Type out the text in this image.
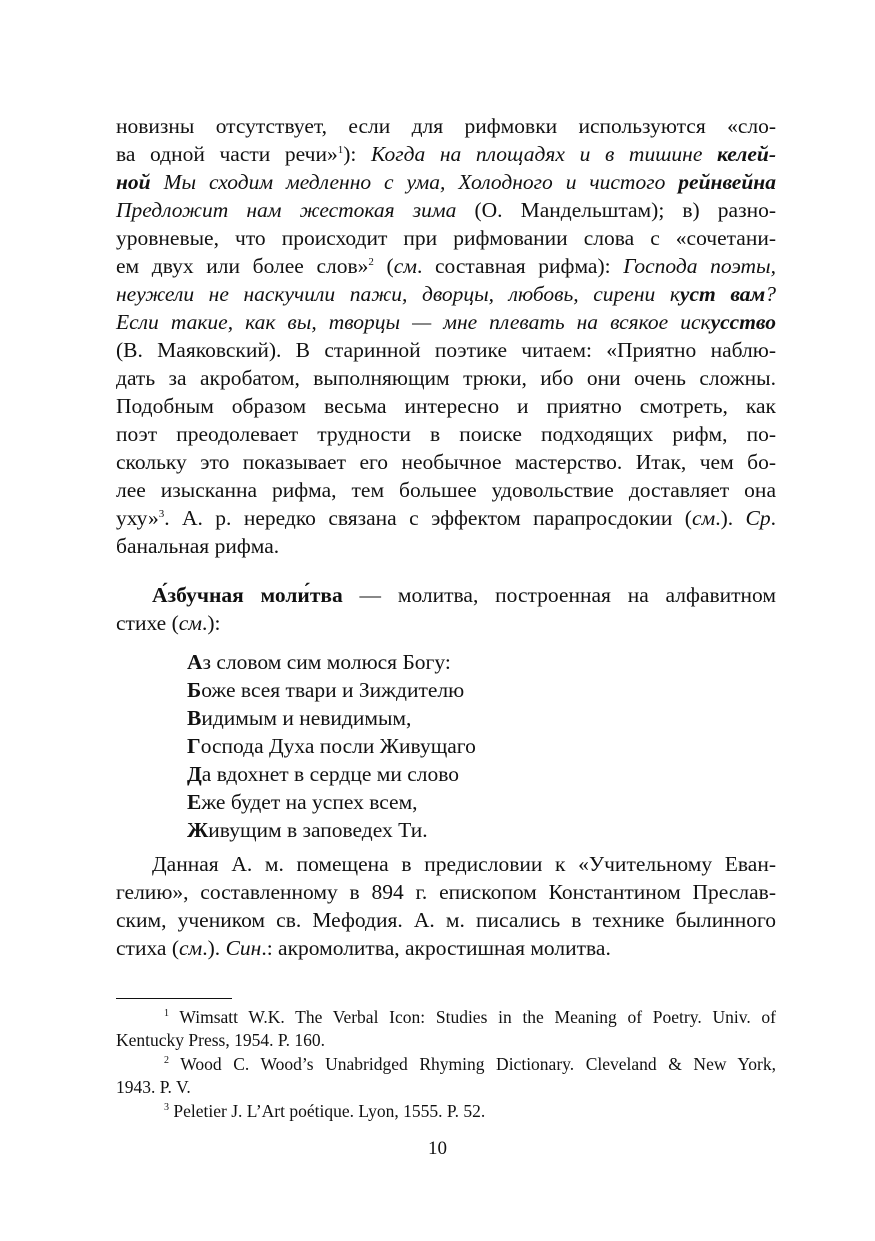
новизны отсутствует, если для рифмовки используются «сло-
ва одной части речи»$^1$): Когда на площадях и в тишине келей-
ной Мы сходим медленно с ума, Холодного и чистого рейнвейна
Предложит нам жестокая зима (О. Мандельштам); в) разно-
уровневые, что происходит при рифмовании слова с «сочетани-
ем двух или более слов»$^2$ (см. составная рифма): Господа поэты,
неужели не наскучили пажи, дворцы, любовь, сирени куст вам?
Если такие, как вы, творцы — мне плевать на всякое искусство
(В. Маяковский). В старинной поэтике читаем: «Приятно наблю-
дать за акробатом, выполняющим трюки, ибо они очень сложны.
Подобным образом весьма интересно и приятно смотреть, как
поэт преодолевает трудности в поиске подходящих рифм, по-
скольку это показывает его необычное мастерство. Итак, чем бо-
лее изысканна рифма, тем большее удовольствие доставляет она
уху»$^3$. А. р. нередко связана с эффектом парапросдокии (см.). Ср.
банальная рифма.
А́збучная моли́тва — молитва, построенная на алфавитном
стихе (см.):
Аз словом сим молюся Богу:
Боже всея твари и Зиждителю
Видимым и невидимым,
Господа Духа посли Живущаго
Да вдохнет в сердце ми слово
Еже будет на успех всем,
Живущим в заповедех Ти.
Данная А. м. помещена в предисловии к «Учительному Еван-
гелию», составленному в 894 г. епископом Константином Преслав-
ским, учеником св. Мефодия. А. м. писались в технике былинного
стиха (см.). Син.: акромолитва, акростишная молитва.
$^1$ Wimsatt W.K. The Verbal Icon: Studies in the Meaning of Poetry. Univ. of
Kentucky Press, 1954. P. 160.
$^2$ Wood C. Wood’s Unabridged Rhyming Dictionary. Cleveland & New York,
1943. P. V.
$^3$ Peletier J. L’Art poétique. Lyon, 1555. P. 52.
10
